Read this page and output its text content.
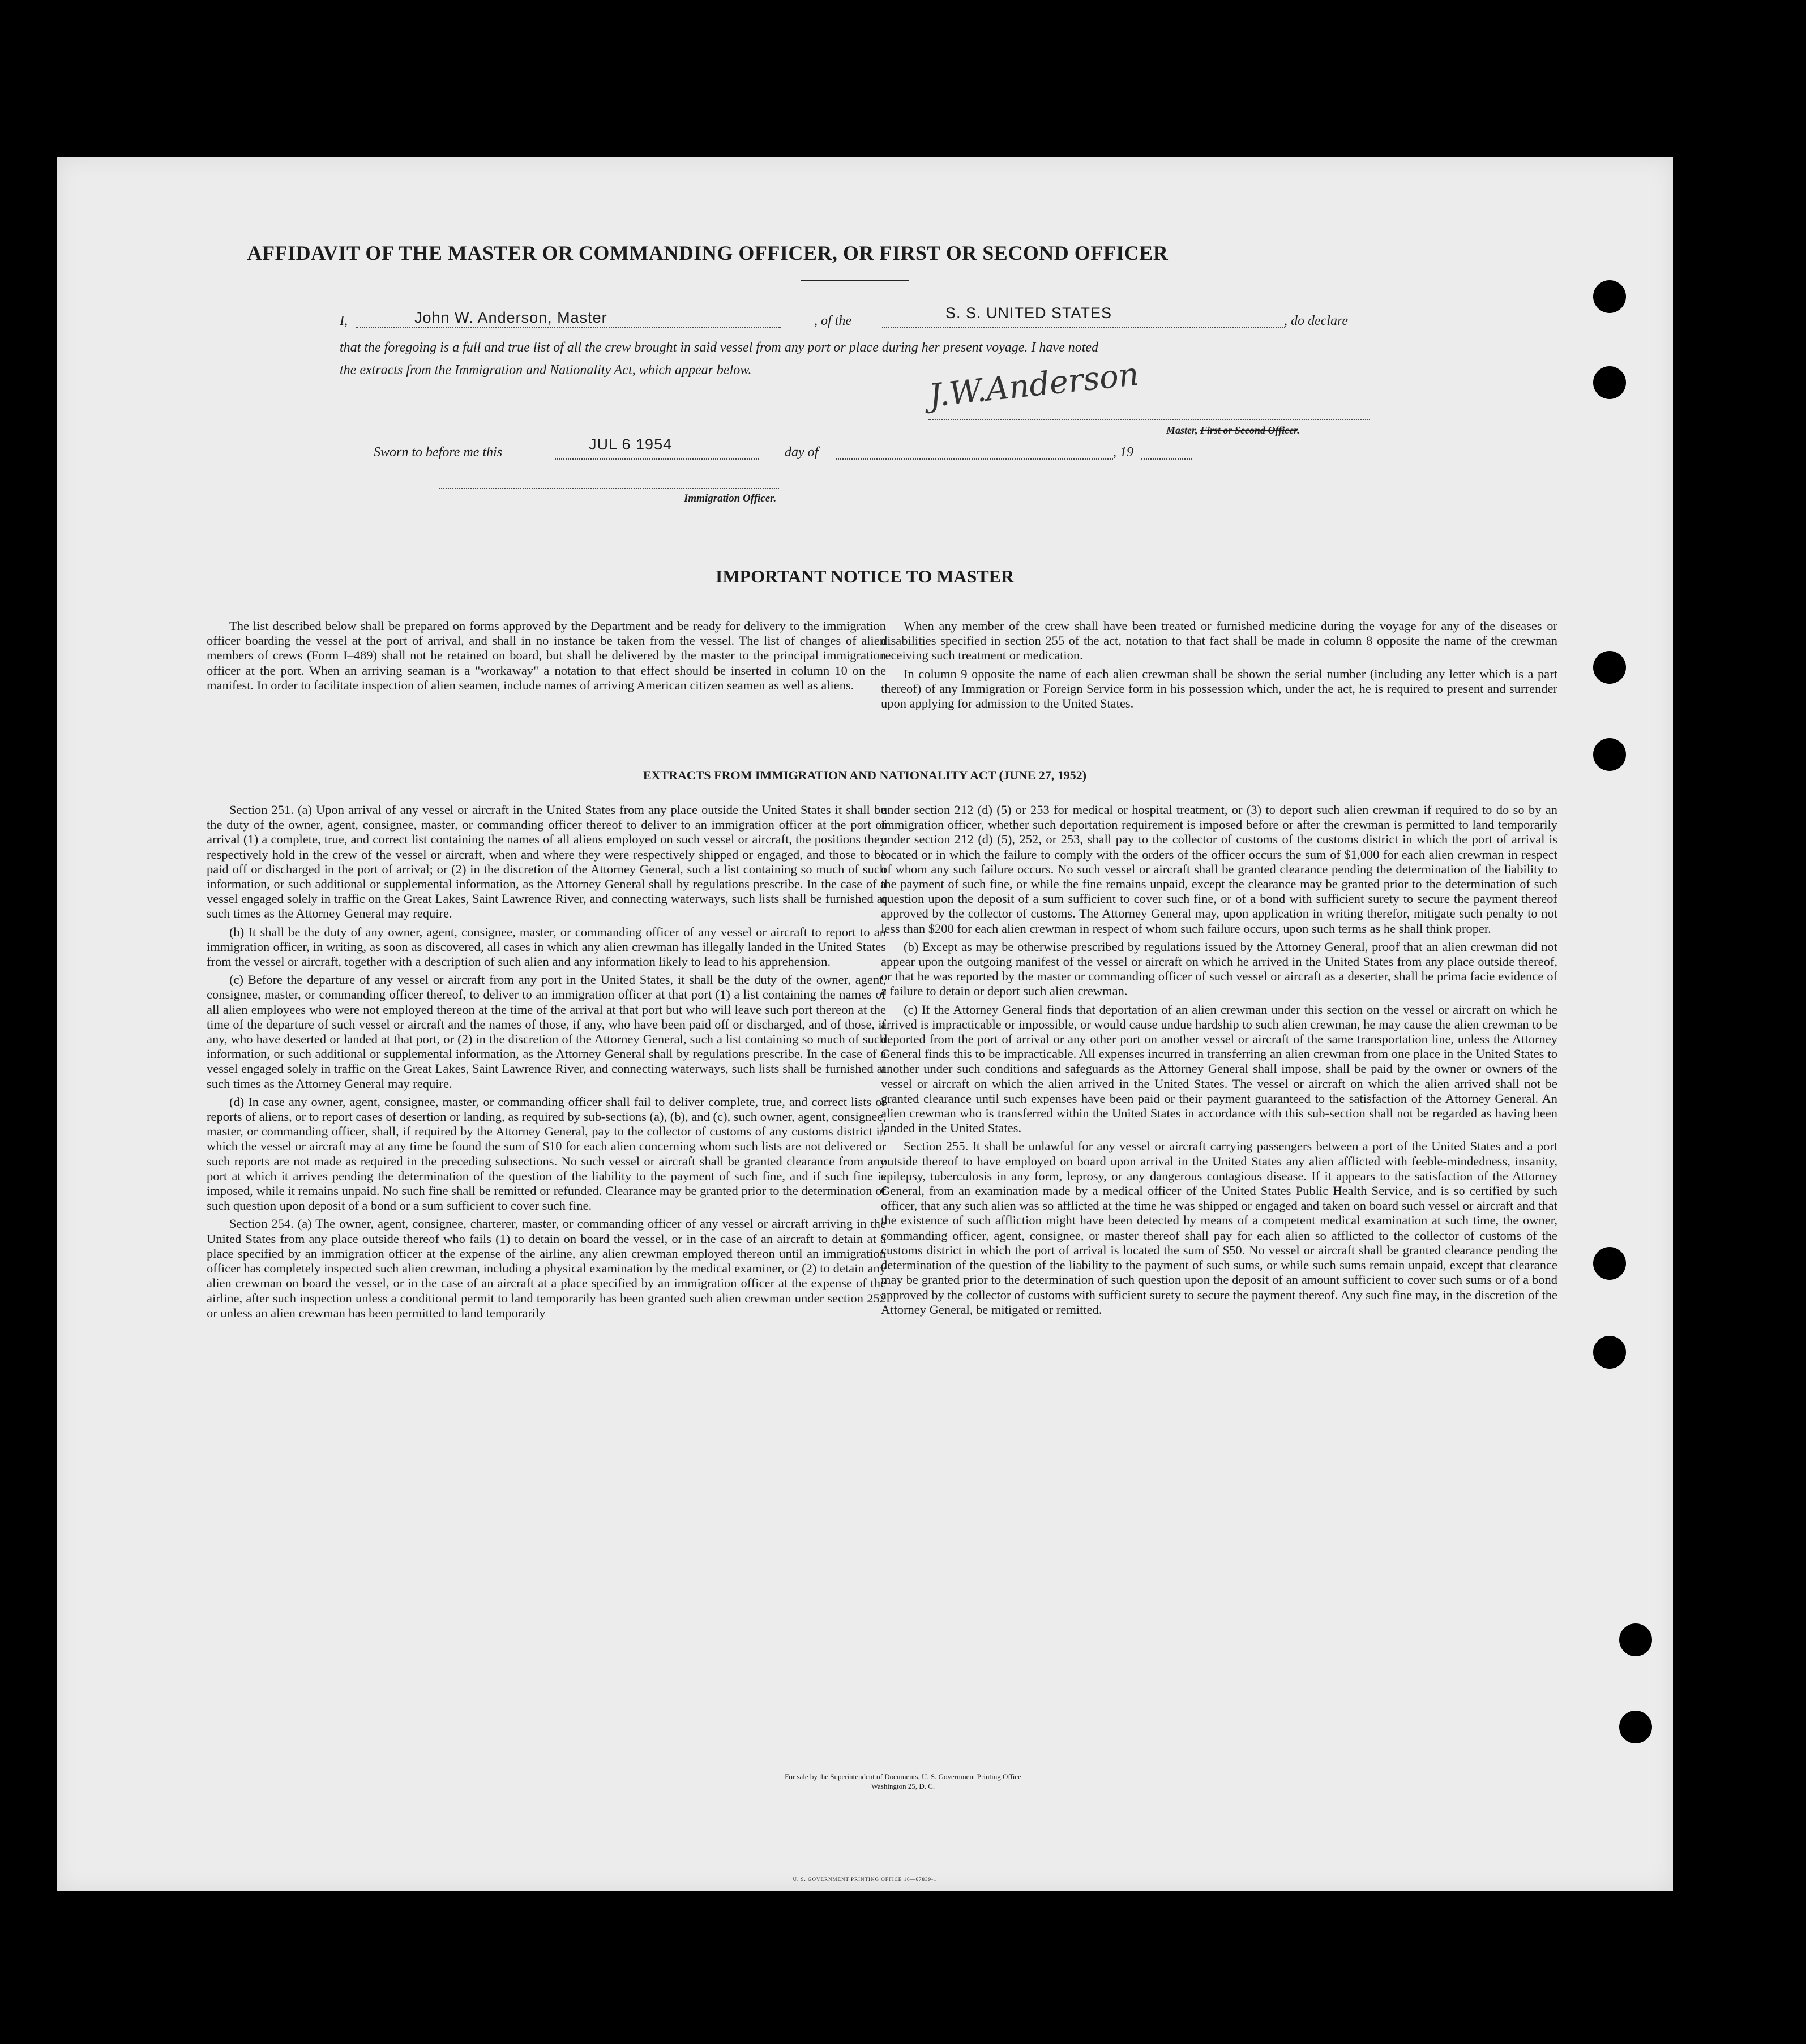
AFFIDAVIT OF THE MASTER OR COMMANDING OFFICER, OR FIRST OR SECOND OFFICER
I,	John W. Anderson, Master	, of the	S. S. UNITED STATES	, do declare
that the foregoing is a full and true list of all the crew brought in said vessel from any port or place during her present voyage. I have noted
the extracts from the Immigration and Nationality Act, which appear below.	J.W.Anderson
Master, First or Second Officer.
Sworn to before me this	JUL 6 1954	day of	, 19
Immigration Officer.
IMPORTANT NOTICE TO MASTER

The list described below shall be prepared on forms approved by the Department and be ready for delivery to the immigration officer boarding the vessel at the port of arrival, and shall in no instance be taken from the vessel. The list of changes of alien members of crews (Form I–489) shall not be retained on board, but shall be delivered by the master to the principal immigration officer at the port. When an arriving seaman is a "workaway" a notation to that effect should be inserted in column 10 on the manifest. In order to facilitate inspection of alien seamen, include names of arriving American citizen seamen as well as aliens.

When any member of the crew shall have been treated or furnished medicine during the voyage for any of the diseases or disabilities specified in section 255 of the act, notation to that fact shall be made in column 8 opposite the name of the crewman receiving such treatment or medication.

In column 9 opposite the name of each alien crewman shall be shown the serial number (including any letter which is a part thereof) of any Immigration or Foreign Service form in his possession which, under the act, he is required to present and surrender upon applying for admission to the United States.

EXTRACTS FROM IMMIGRATION AND NATIONALITY ACT (JUNE 27, 1952)

Section 251. (a) Upon arrival of any vessel or aircraft in the United States from any place outside the United States it shall be the duty of the owner, agent, consignee, master, or commanding officer thereof to deliver to an immigration officer at the port of arrival (1) a complete, true, and correct list containing the names of all aliens employed on such vessel or aircraft, the positions they respectively hold in the crew of the vessel or aircraft, when and where they were respectively shipped or engaged, and those to be paid off or discharged in the port of arrival; or (2) in the discretion of the Attorney General, such a list containing so much of such information, or such additional or supplemental information, as the Attorney General shall by regulations prescribe. In the case of a vessel engaged solely in traffic on the Great Lakes, Saint Lawrence River, and connecting waterways, such lists shall be furnished at such times as the Attorney General may require.

(b) It shall be the duty of any owner, agent, consignee, master, or commanding officer of any vessel or aircraft to report to an immigration officer, in writing, as soon as discovered, all cases in which any alien crewman has illegally landed in the United States from the vessel or aircraft, together with a description of such alien and any information likely to lead to his apprehension.

(c) Before the departure of any vessel or aircraft from any port in the United States, it shall be the duty of the owner, agent, consignee, master, or commanding officer thereof, to deliver to an immigration officer at that port (1) a list containing the names of all alien employees who were not employed thereon at the time of the arrival at that port but who will leave such port thereon at the time of the departure of such vessel or aircraft and the names of those, if any, who have been paid off or discharged, and of those, if any, who have deserted or landed at that port, or (2) in the discretion of the Attorney General, such a list containing so much of such information, or such additional or supplemental information, as the Attorney General shall by regulations prescribe. In the case of a vessel engaged solely in traffic on the Great Lakes, Saint Lawrence River, and connecting waterways, such lists shall be furnished at such times as the Attorney General may require.

(d) In case any owner, agent, consignee, master, or commanding officer shall fail to deliver complete, true, and correct lists or reports of aliens, or to report cases of desertion or landing, as required by sub-sections (a), (b), and (c), such owner, agent, consignee, master, or commanding officer, shall, if required by the Attorney General, pay to the collector of customs of any customs district in which the vessel or aircraft may at any time be found the sum of $10 for each alien concerning whom such lists are not delivered or such reports are not made as required in the preceding subsections. No such vessel or aircraft shall be granted clearance from any port at which it arrives pending the determination of the question of the liability to the payment of such fine, and if such fine is imposed, while it remains unpaid. No such fine shall be remitted or refunded. Clearance may be granted prior to the determination of such question upon deposit of a bond or a sum sufficient to cover such fine.

Section 254. (a) The owner, agent, consignee, charterer, master, or commanding officer of any vessel or aircraft arriving in the United States from any place outside thereof who fails (1) to detain on board the vessel, or in the case of an aircraft to detain at a place specified by an immigration officer at the expense of the airline, any alien crewman employed thereon until an immigration officer has completely inspected such alien crewman, including a physical examination by the medical examiner, or (2) to detain any alien crewman on board the vessel, or in the case of an aircraft at a place specified by an immigration officer at the expense of the airline, after such inspection unless a conditional permit to land temporarily has been granted such alien crewman under section 252 or unless an alien crewman has been permitted to land temporarily

under section 212 (d) (5) or 253 for medical or hospital treatment, or (3) to deport such alien crewman if required to do so by an immigration officer, whether such deportation requirement is imposed before or after the crewman is permitted to land temporarily under section 212 (d) (5), 252, or 253, shall pay to the collector of customs of the customs district in which the port of arrival is located or in which the failure to comply with the orders of the officer occurs the sum of $1,000 for each alien crewman in respect of whom any such failure occurs. No such vessel or aircraft shall be granted clearance pending the determination of the liability to the payment of such fine, or while the fine remains unpaid, except the clearance may be granted prior to the determination of such question upon the deposit of a sum sufficient to cover such fine, or of a bond with sufficient surety to secure the payment thereof approved by the collector of customs. The Attorney General may, upon application in writing therefor, mitigate such penalty to not less than $200 for each alien crewman in respect of whom such failure occurs, upon such terms as he shall think proper.

(b) Except as may be otherwise prescribed by regulations issued by the Attorney General, proof that an alien crewman did not appear upon the outgoing manifest of the vessel or aircraft on which he arrived in the United States from any place outside thereof, or that he was reported by the master or commanding officer of such vessel or aircraft as a deserter, shall be prima facie evidence of a failure to detain or deport such alien crewman.

(c) If the Attorney General finds that deportation of an alien crewman under this section on the vessel or aircraft on which he arrived is impracticable or impossible, or would cause undue hardship to such alien crewman, he may cause the alien crewman to be deported from the port of arrival or any other port on another vessel or aircraft of the same transportation line, unless the Attorney General finds this to be impracticable. All expenses incurred in transferring an alien crewman from one place in the United States to another under such conditions and safeguards as the Attorney General shall impose, shall be paid by the owner or owners of the vessel or aircraft on which the alien arrived in the United States. The vessel or aircraft on which the alien arrived shall not be granted clearance until such expenses have been paid or their payment guaranteed to the satisfaction of the Attorney General. An alien crewman who is transferred within the United States in accordance with this sub-section shall not be regarded as having been landed in the United States.

Section 255. It shall be unlawful for any vessel or aircraft carrying passengers between a port of the United States and a port outside thereof to have employed on board upon arrival in the United States any alien afflicted with feeble-mindedness, insanity, epilepsy, tuberculosis in any form, leprosy, or any dangerous contagious disease. If it appears to the satisfaction of the Attorney General, from an examination made by a medical officer of the United States Public Health Service, and is so certified by such officer, that any such alien was so afflicted at the time he was shipped or engaged and taken on board such vessel or aircraft and that the existence of such affliction might have been detected by means of a competent medical examination at such time, the owner, commanding officer, agent, consignee, or master thereof shall pay for each alien so afflicted to the collector of customs of the customs district in which the port of arrival is located the sum of $50. No vessel or aircraft shall be granted clearance pending the determination of the question of the liability to the payment of such sums, or while such sums remain unpaid, except that clearance may be granted prior to the determination of such question upon the deposit of an amount sufficient to cover such sums or of a bond approved by the collector of customs with sufficient surety to secure the payment thereof. Any such fine may, in the discretion of the Attorney General, be mitigated or remitted.

U. S. GOVERNMENT PRINTING OFFICE 16—67839-1
For sale by the Superintendent of Documents, U. S. Government Printing Office
Washington 25, D. C.
